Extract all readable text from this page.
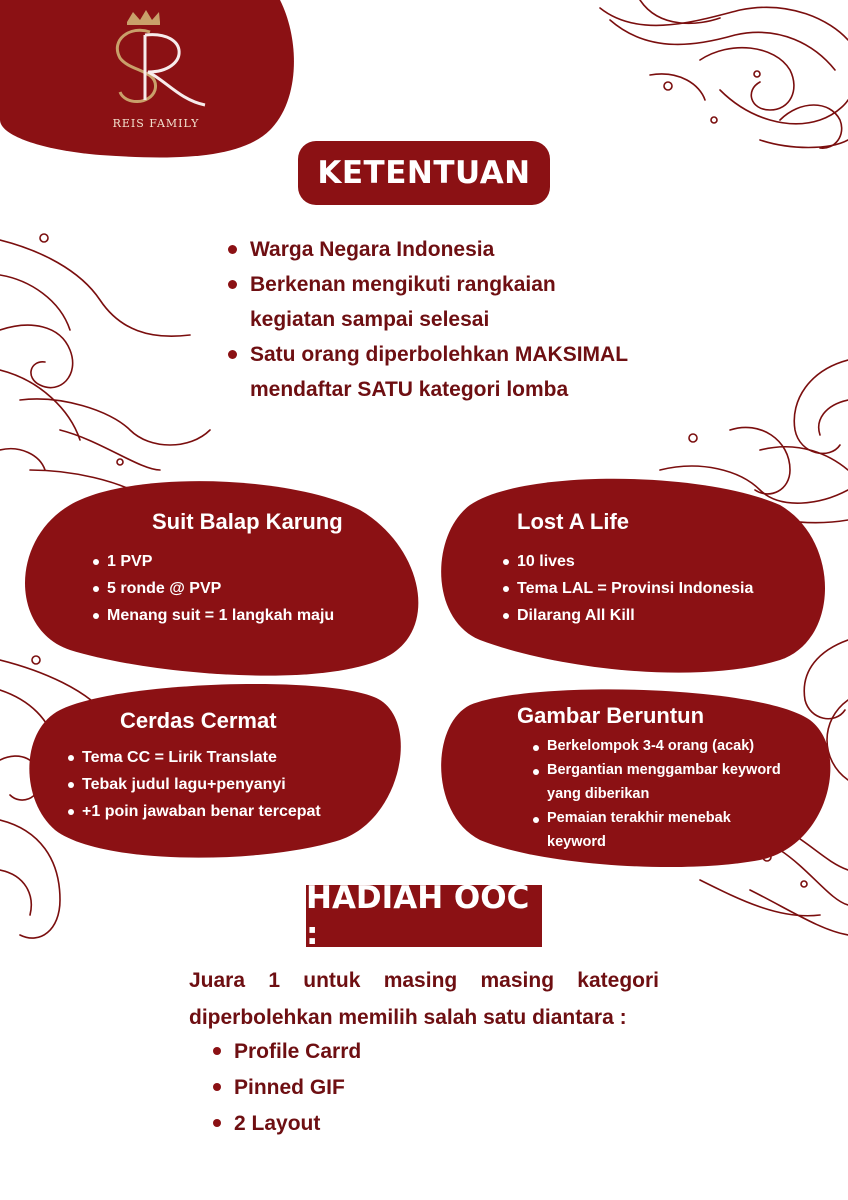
REIS FAMILY
KETENTUAN
Warga Negara Indonesia
Berkenan mengikuti rangkaian kegiatan sampai selesai
Satu orang diperbolehkan MAKSIMAL mendaftar SATU kategori lomba
Suit Balap Karung
1 PVP
5 ronde @ PVP
Menang suit = 1 langkah maju
Lost A Life
10 lives
Tema LAL = Provinsi Indonesia
Dilarang All Kill
Cerdas Cermat
Tema CC = Lirik Translate
Tebak judul lagu+penyanyi
+1 poin jawaban benar tercepat
Gambar Beruntun
Berkelompok 3-4 orang (acak)
Bergantian menggambar keyword yang diberikan
Pemaian terakhir menebak keyword
HADIAH OOC :
Juara 1 untuk masing masing kategori diperbolehkan memilih salah satu diantara :
Profile Carrd
Pinned GIF
2 Layout
